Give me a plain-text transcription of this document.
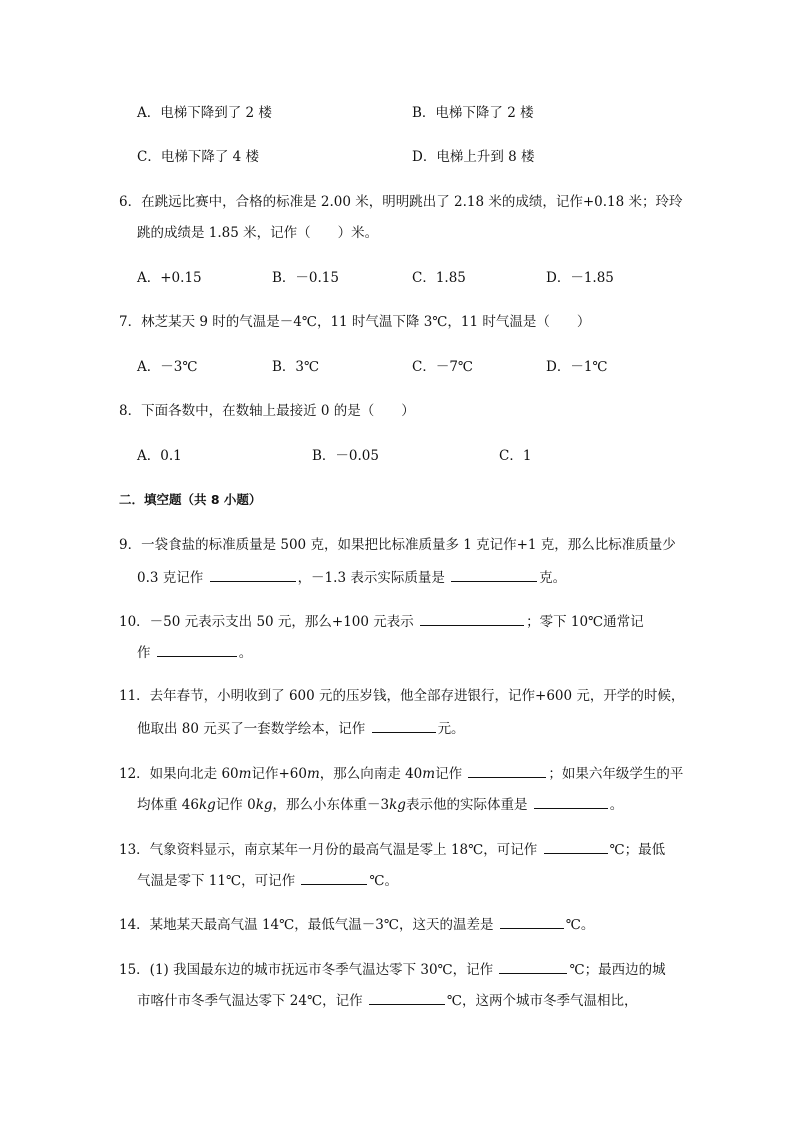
A．电梯下降到了 2 楼	B．电梯下降了 2 楼
C．电梯下降了 4 楼	D．电梯上升到 8 楼
6．在跳远比赛中，合格的标准是 2.00 米，明明跳出了 2.18 米的成绩，记作+0.18 米；玲玲
跳的成绩是 1.85 米，记作（　　）米。
A．+0.15	B．－0.15	C．1.85	D．－1.85
7．林芝某天 9 时的气温是－4℃，11 时气温下降 3℃，11 时气温是（　　）
A．－3℃	B．3℃	C．－7℃	D．－1℃
8．下面各数中，在数轴上最接近 0 的是（　　）
A．0.1	B．－0.05	C．1
二．填空题（共 8 小题）
9．一袋食盐的标准质量是 500 克，如果把比标准质量多 1 克记作+1 克，那么比标准质量少
0.3 克记作	，－1.3 表示实际质量是	克。
10．－50 元表示支出 50 元，那么+100 元表示	；零下 10℃通常记
作	。
11．去年春节，小明收到了 600 元的压岁钱，他全部存进银行，记作+600 元，开学的时候，
他取出 80 元买了一套数学绘本，记作	元。
12．如果向北走 60m记作+60m，那么向南走 40m记作	；如果六年级学生的平
均体重 46kg记作 0kg，那么小东体重－3kg表示他的实际体重是	。
13．气象资料显示，南京某年一月份的最高气温是零上 18℃，可记作	℃；最低
气温是零下 11℃，可记作	℃。
14．某地某天最高气温 14℃，最低气温－3℃，这天的温差是	℃。
15．(1) 我国最东边的城市抚远市冬季气温达零下 30℃，记作	℃；最西边的城
市喀什市冬季气温达零下 24℃，记作	℃，这两个城市冬季气温相比，
